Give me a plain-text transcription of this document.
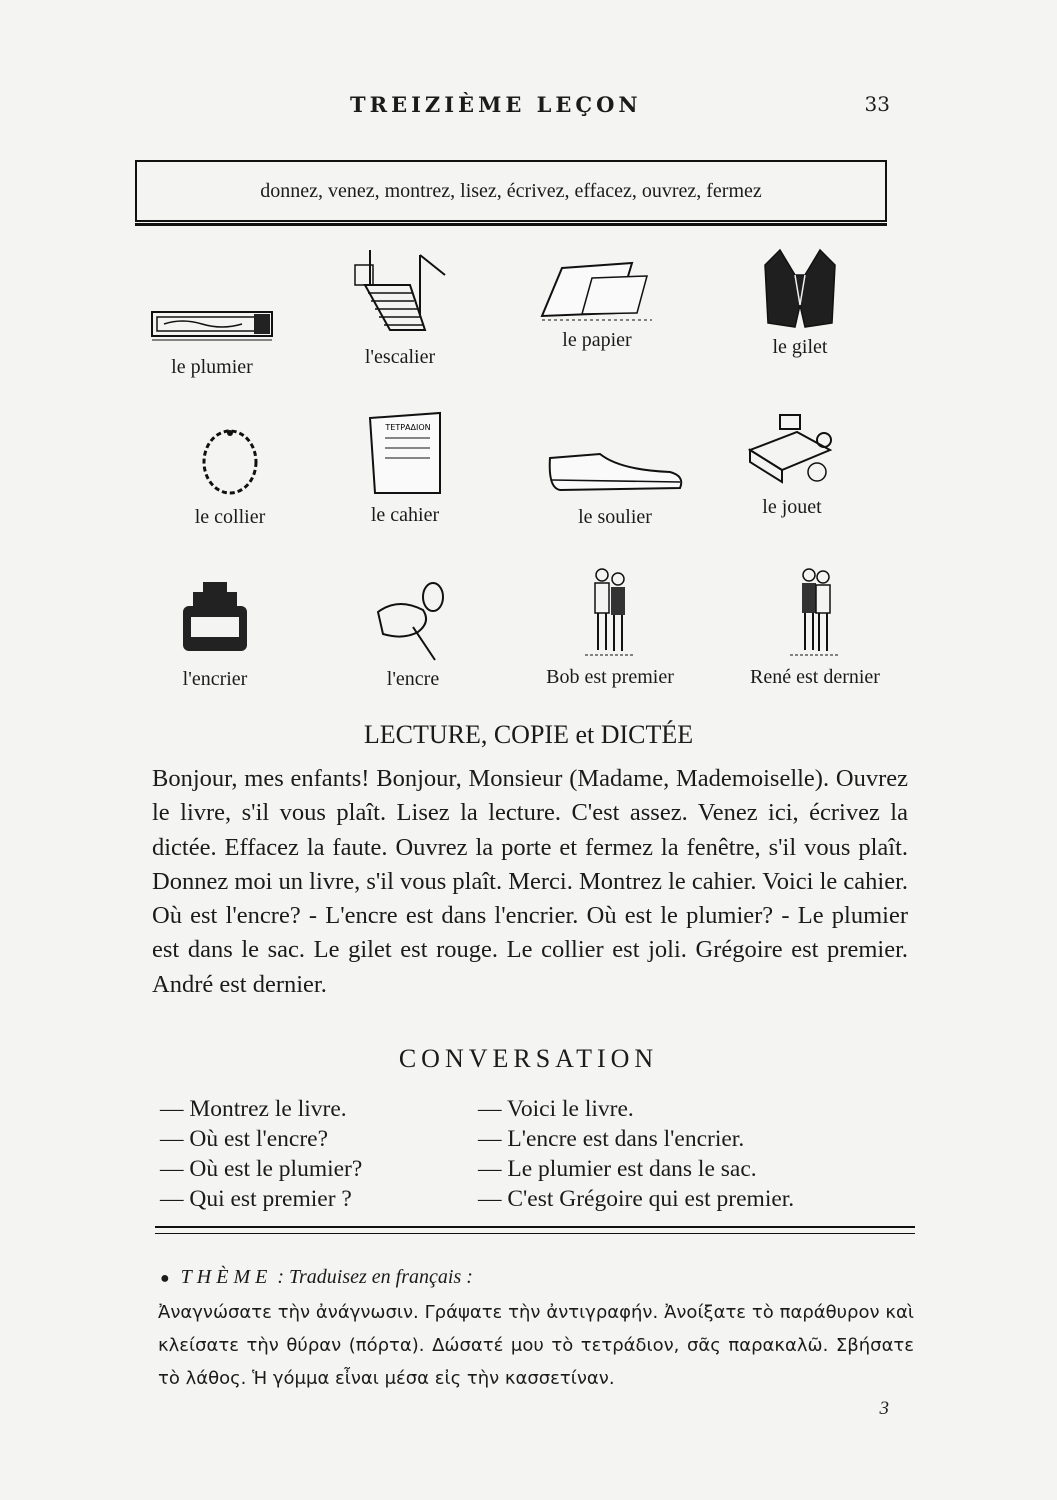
TREIZIÈME LEÇON	33
donnez, venez, montrez, lisez, écrivez, effacez, ouvrez, fermez
le plumier	l'escalier
le papier	le gilet
le collier
ΤΕΤΡΑΔΙΟΝ
le cahier	le soulier	le jouet
l'encrier	l'encre	Bob est premier	René est dernier
LECTURE, COPIE et DICTÉE
Bonjour, mes enfants! Bonjour, Monsieur (Madame, Mademoiselle). Ouvrez le livre, s'il vous plaît. Lisez la lecture. C'est assez. Venez ici, écrivez la dictée. Effacez la faute. Ouvrez la porte et fermez la fenêtre, s'il vous plaît. Donnez moi un livre, s'il vous plaît. Merci. Montrez le cahier. Voici le cahier. Où est l'encre? - L'encre est dans l'encrier. Où est le plumier? - Le plumier est dans le sac. Le gilet est rouge. Le collier est joli. Grégoire est premier. André est dernier.
CONVERSATION
— Montrez le livre.	— Voici le livre.
— Où est l'encre?	— L'encre est dans l'encrier.
— Où est le plumier?	— Le plumier est dans le sac.
— Qui est premier ?	— C'est Grégoire qui est premier.
● THÈME : Traduisez en français :
Ἀναγνώσατε τὴν ἀνάγνωσιν. Γράψατε τὴν ἀντιγραφήν. Ἀνοίξατε τὸ παράθυρον καὶ κλείσατε τὴν θύραν (πόρτα). Δώσατέ μου τὸ τετράδιον, σᾶς παρακαλῶ. Σβήσατε τὸ λάθος. Ἡ γόμμα εἶναι μέσα εἰς τὴν κασσετίναν.
3
